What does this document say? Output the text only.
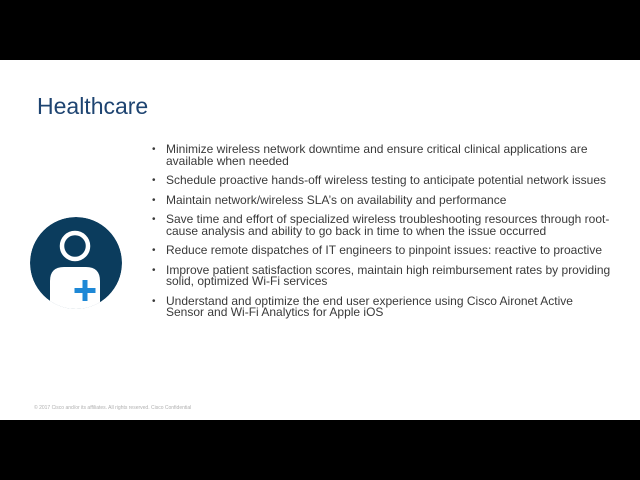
Healthcare
• Minimize wireless network downtime and ensure critical clinical applications are available when needed
• Schedule proactive hands-off wireless testing to anticipate potential network issues
• Maintain network/wireless SLA’s on availability and performance
• Save time and effort of specialized wireless troubleshooting resources through root-cause analysis and ability to go back in time to when the issue occurred
• Reduce remote dispatches of IT engineers to pinpoint issues: reactive to proactive
• Improve patient satisfaction scores, maintain high reimbursement rates by providing solid, optimized Wi-Fi services
• Understand and optimize the end user experience using Cisco Aironet Active Sensor and Wi-Fi Analytics for Apple iOS
© 2017 Cisco and/or its affiliates. All rights reserved. Cisco Confidential
